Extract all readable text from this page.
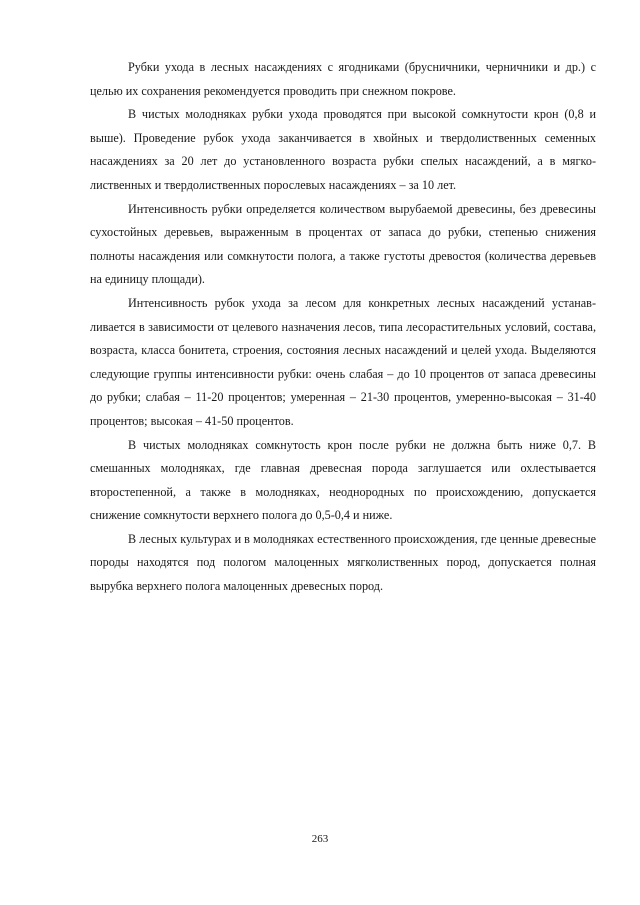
Рубки ухода в лесных насаждениях с ягодниками (брусничники, черничники и др.) с целью их сохранения рекомендуется проводить при снежном покрове.

В чистых молодняках рубки ухода проводятся при высокой сомкнутости крон (0,8 и выше). Проведение рубок ухода заканчивается в хвойных и твердолиственных семенных насаждениях за 20 лет до установленного возраста рубки спелых насаждений, а в мягколиственных и твердолиственных порослевых насаждениях – за 10 лет.

Интенсивность рубки определяется количеством вырубаемой древесины, без древесины сухостойных деревьев, выраженным в процентах от запаса до рубки, степенью снижения полноты насаждения или сомкнутости полога, а также густоты древостоя (количества деревьев на единицу площади).

Интенсивность рубок ухода за лесом для конкретных лесных насаждений устанавливается в зависимости от целевого назначения лесов, типа лесорастительных условий, состава, возраста, класса бонитета, строения, состояния лесных насаждений и целей ухода. Выделяются следующие группы интенсивности рубки: очень слабая – до 10 процентов от запаса древесины до рубки; слабая – 11-20 процентов; умеренная – 21-30 процентов, умеренно-высокая – 31-40 процентов; высокая – 41-50 процентов.

В чистых молодняках сомкнутость крон после рубки не должна быть ниже 0,7. В смешанных молодняках, где главная древесная порода заглушается или охлестывается второстепенной, а также в молодняках, неоднородных по происхождению, допускается снижение сомкнутости верхнего полога до 0,5-0,4 и ниже.

В лесных культурах и в молодняках естественного происхождения, где ценные древесные породы находятся под пологом малоценных мягколиственных пород, допускается полная вырубка верхнего полога малоценных древесных пород.

263
